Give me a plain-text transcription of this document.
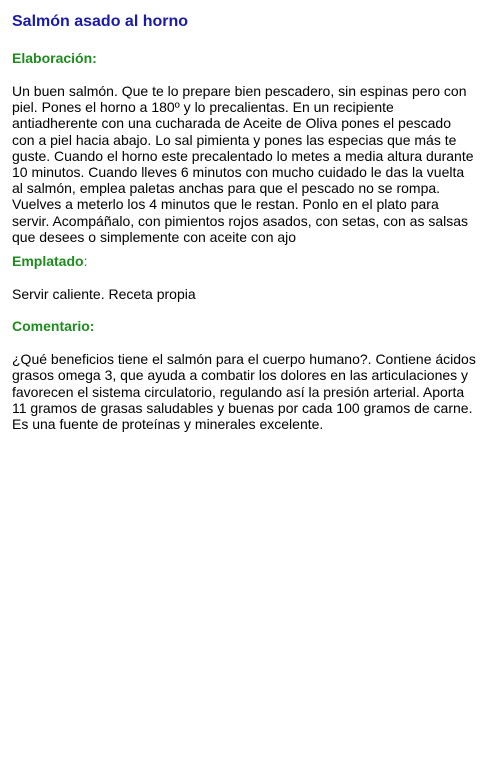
Salmón asado al horno
Elaboración:

Un buen salmón. Que te lo prepare bien pescadero, sin espinas pero con piel. Pones el horno a 180º y lo precalientas. En un recipiente antiadherente con una cucharada de Aceite de Oliva pones el pescado con a piel hacia abajo. Lo sal pimienta y pones las especias que más te guste. Cuando el horno este precalentado lo metes a media altura durante 10 minutos. Cuando lleves 6 minutos con mucho cuidado le das la vuelta al salmón, emplea paletas anchas para que el pescado no se rompa. Vuelves a meterlo los 4 minutos que le restan. Ponlo en el plato para servir. Acompáñalo, con pimientos rojos asados, con setas, con as salsas que desees o simplemente con aceite con ajo

Emplatado:

Servir caliente. Receta propia

Comentario:

¿Qué beneficios tiene el salmón para el cuerpo humano?. Contiene ácidos grasos omega 3, que ayuda a combatir los dolores en las articulaciones y favorecen el sistema circulatorio, regulando así la presión arterial. Aporta 11 gramos de grasas saludables y buenas por cada 100 gramos de carne. Es una fuente de proteínas y minerales excelente.
